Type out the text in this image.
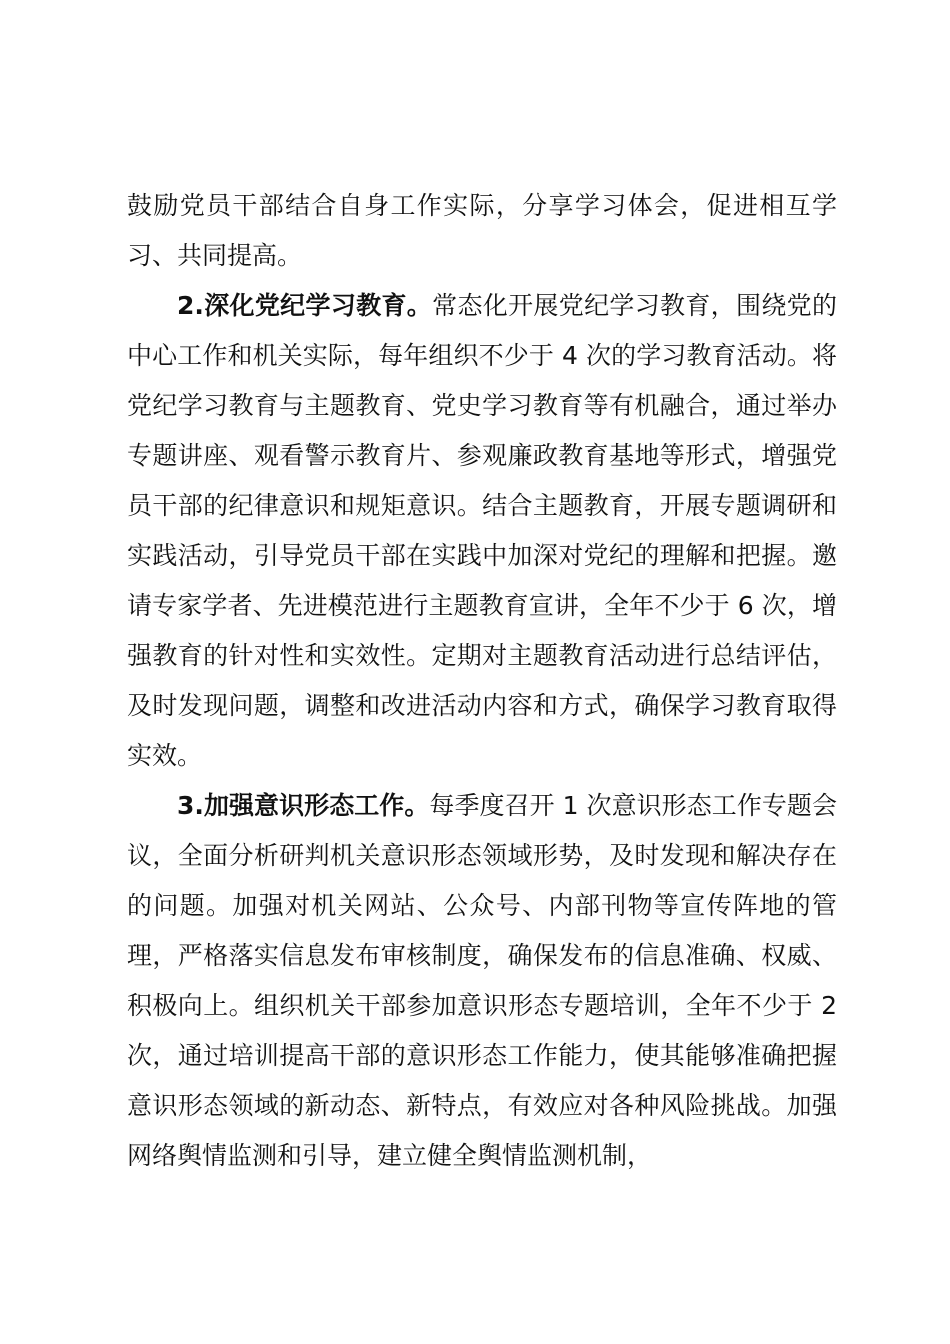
鼓励党员干部结合自身工作实际，分享学习体会，促进相互学习、共同提高。

2.深化党纪学习教育。常态化开展党纪学习教育，围绕党的中心工作和机关实际，每年组织不少于 4 次的学习教育活动。将党纪学习教育与主题教育、党史学习教育等有机融合，通过举办专题讲座、观看警示教育片、参观廉政教育基地等形式，增强党员干部的纪律意识和规矩意识。结合主题教育，开展专题调研和实践活动，引导党员干部在实践中加深对党纪的理解和把握。邀请专家学者、先进模范进行主题教育宣讲，全年不少于 6 次，增强教育的针对性和实效性。定期对主题教育活动进行总结评估，及时发现问题，调整和改进活动内容和方式，确保学习教育取得实效。

3.加强意识形态工作。每季度召开 1 次意识形态工作专题会议，全面分析研判机关意识形态领域形势，及时发现和解决存在的问题。加强对机关网站、公众号、内部刊物等宣传阵地的管理，严格落实信息发布审核制度，确保发布的信息准确、权威、积极向上。组织机关干部参加意识形态专题培训，全年不少于 2 次，通过培训提高干部的意识形态工作能力，使其能够准确把握意识形态领域的新动态、新特点，有效应对各种风险挑战。加强网络舆情监测和引导，建立健全舆情监测机制，
